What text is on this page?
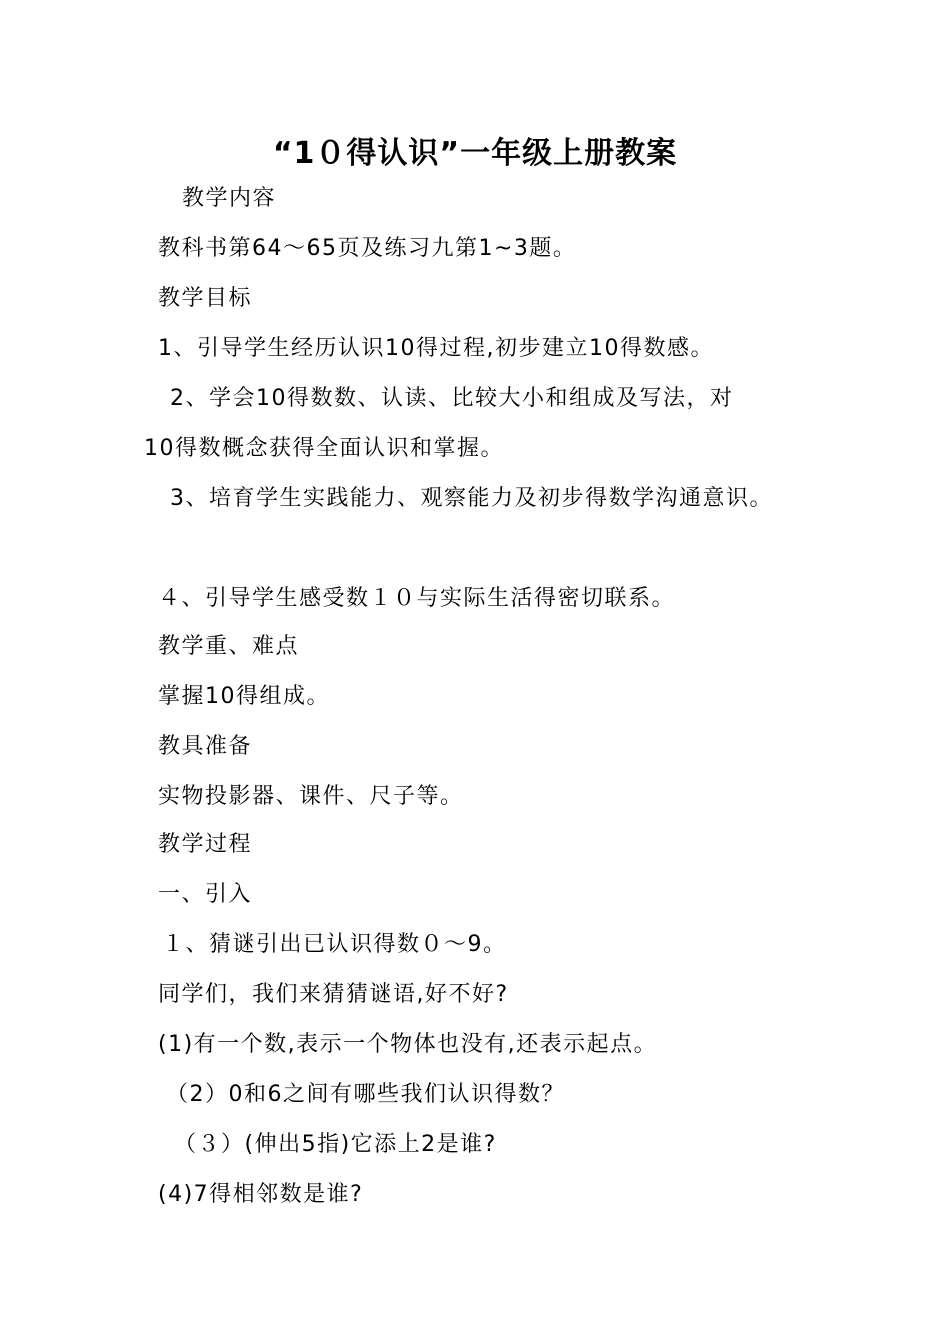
“1０得认识”一年级上册教案
教学内容
教科书第64～65页及练习九第1~3题。
教学目标
1、引导学生经历认识10得过程,初步建立10得数感。
2、学会10得数数、认读、比较大小和组成及写法，对
10得数概念获得全面认识和掌握。
3、培育学生实践能力、观察能力及初步得数学沟通意识。
４、引导学生感受数１０与实际生活得密切联系。
教学重、难点
掌握10得组成。
教具准备
实物投影器、课件、尺子等。
教学过程
一、引入
１、猜谜引出已认识得数０～9。
同学们，我们来猜猜谜语,好不好?
(1)有一个数,表示一个物体也没有,还表示起点。
（2）0和6之间有哪些我们认识得数？
（３）(伸出5指)它添上2是谁?
(4)7得相邻数是谁?
